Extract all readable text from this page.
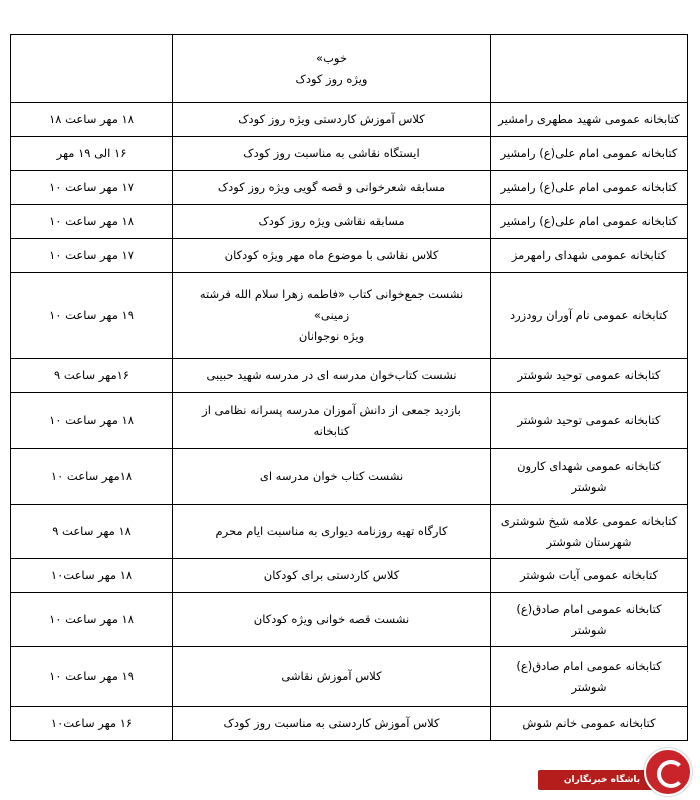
	خوب»
ویژه روز کودک	

کتابخانه عمومی شهید مطهری رامشیر	کلاس آموزش کاردستی ویژه روز کودک	۱۸ مهر ساعت ۱۸

کتابخانه عمومی امام علی(ع) رامشیر	ایستگاه نقاشی به مناسبت روز کودک	۱۶ الی ۱۹ مهر

کتابخانه عمومی امام علی(ع) رامشیر	مسابقه شعرخوانی و قصه گویی ویژه روز کودک	۱۷ مهر ساعت ۱۰

کتابخانه عمومی امام علی(ع) رامشیر	مسابقه نقاشی ویژه روز کودک	۱۸ مهر ساعت ۱۰

کتابخانه عمومی شهدای رامهرمز	کلاس نقاشی با موضوع ماه مهر ویژه کودکان	۱۷ مهر ساعت ۱۰

کتابخانه عمومی نام آوران رودزرد	نشست جمع‌خوانی کتاب «فاطمه زهرا سلام الله فرشته
زمینی»
ویژه نوجوانان	۱۹ مهر ساعت ۱۰

کتابخانه عمومی توحید شوشتر	نشست کتاب‌خوان مدرسه ای در مدرسه شهید حبیبی	۱۶مهر ساعت ۹

کتابخانه عمومی توحید شوشتر	بازدید جمعی از دانش آموزان مدرسه پسرانه نظامی از
کتابخانه	۱۸ مهر ساعت ۱۰

کتابخانه عمومی شهدای کارون
شوشتر	نشست کتاب خوان مدرسه ای	۱۸مهر ساعت ۱۰

کتابخانه عمومی علامه شیخ شوشتری
شهرستان شوشتر	کارگاه تهیه روزنامه دیواری به مناسبت ایام محرم	۱۸ مهر ساعت ۹

کتابخانه عمومی آیات شوشتر	کلاس کاردستی برای کودکان	۱۸ مهر ساعت۱۰

کتابخانه عمومی امام صادق(ع)
شوشتر	نشست قصه خوانی ویژه کودکان	۱۸ مهر ساعت ۱۰

کتابخانه عمومی امام صادق(ع)
شوشتر	کلاس آموزش نقاشی	۱۹ مهر ساعت ۱۰

کتابخانه عمومی خانم شوش	کلاس آموزش کاردستی به مناسبت روز کودک	۱۶ مهر ساعت۱۰
باشگاه خبرنگاران
